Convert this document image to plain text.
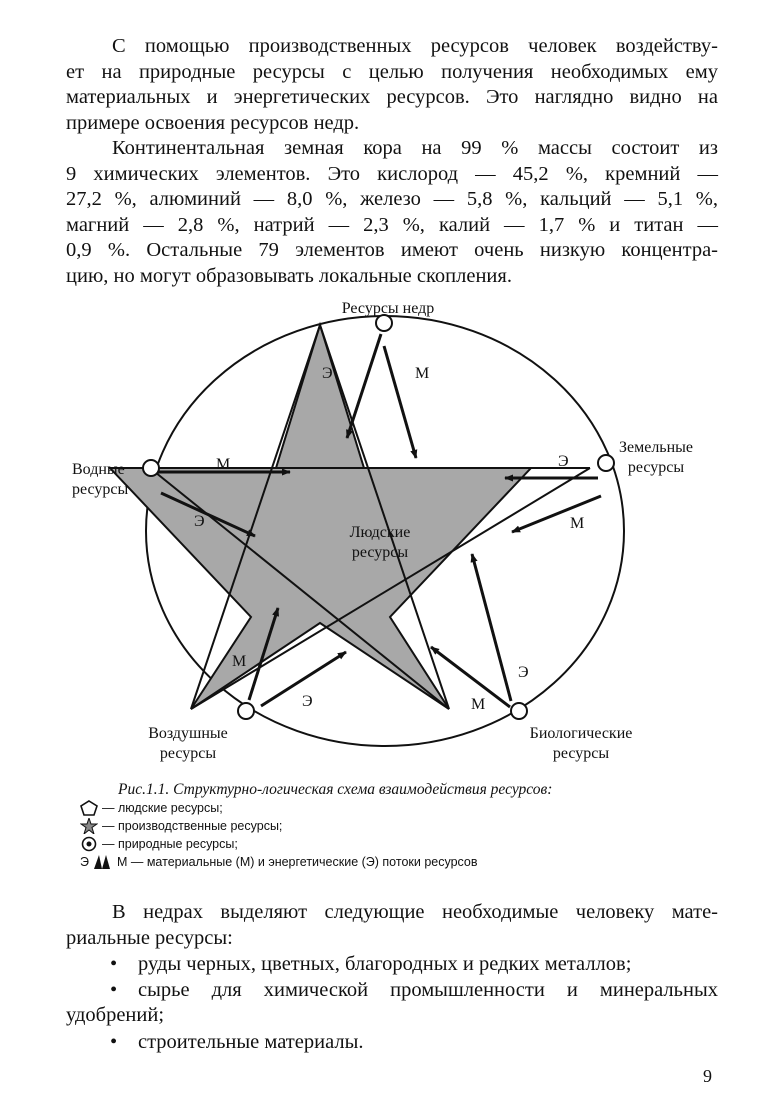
С помощью производственных ресурсов человек воздейству-
ет на природные ресурсы с целью получения необходимых ему
материальных и энергетических ресурсов. Это наглядно видно на
примере освоения ресурсов недр.
Континентальная земная кора на 99 % массы состоит из
9 химических элементов. Это кислород — 45,2 %, кремний —
27,2 %, алюминий — 8,0 %, железо — 5,8 %, кальций — 5,1 %,
магний — 2,8 %, натрий — 2,3 %, калий — 1,7 % и титан —
0,9 %. Остальные 79 элементов имеют очень низкую концентра-
цию, но могут образовывать локальные скопления.
Э	М
М
Э
Э
М
М
Э
Э
М
Ресурсы недр
Водные
ресурсы
Земельные
ресурсы
Людские
ресурсы
Воздушные
ресурсы
Биологические
ресурсы
Рис.1.1. Структурно-логическая схема взаимодействия ресурсов:
— людские ресурсы;
— производственные ресурсы;
— природные ресурсы;
Э М — материальные (М) и энергетические (Э) потоки ресурсов
В недрах выделяют следующие необходимые человеку мате-
риальные ресурсы:
• руды черных, цветных, благородных и редких металлов;
• сырье для химической промышленности и минеральных
удобрений;
• строительные материалы.
9
